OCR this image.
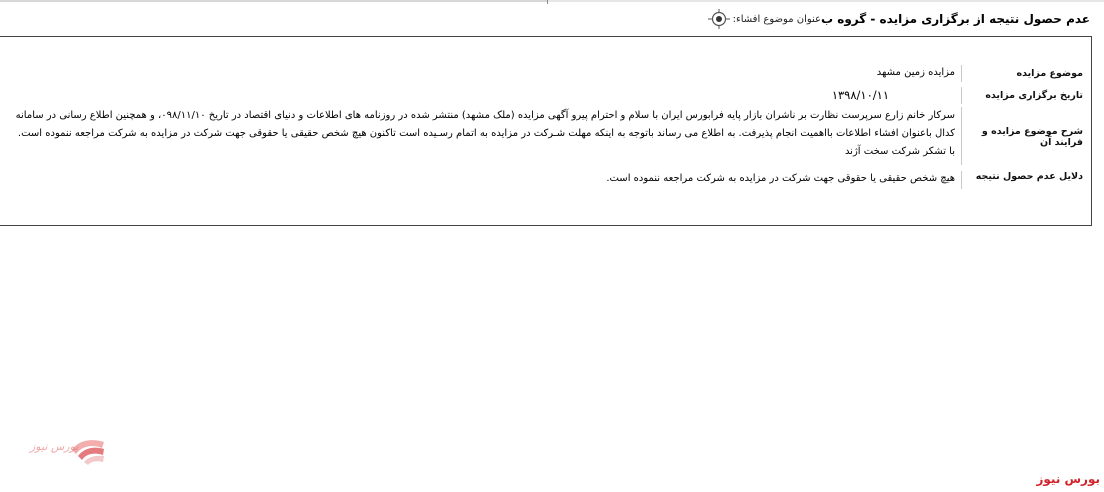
عنوان موضوع افشاء: عدم حصول نتیجه از برگزاری مزایده - گروه ب
موضوع مزایده
مزایده زمین مشهد
تاریخ برگزاری مزایده
۱۳۹۸/۱۰/۱۱
شرح موضوع مزایده و فرایند آن
سرکار خانم زارع سرپرست نظارت بر ناشران بازار پایه فرابورس ایران با سلام و احترام پیرو آگهی مزایده (ملک مشهد) منتشر شده در روزنامه های اطلاعات و دنیای اقتصاد در تاریخ ۰۹۸/۱۱/۱۰، و همچنین اطلاع رسانی در سامانه کدال باعنوان افشاء اطلاعات بااهمیت انجام پذیرفت. به اطلاع می رساند باتوجه به اینکه مهلت شـرکت در مزایده به اتمام رسـیده است تاکنون هیچ شخص حقیقی یا حقوقی جهت شرکت در مزایده به شرکت مراجعه ننموده است. با تشکر شرکت سخت آژند
دلایل عدم حصول نتیجه
هیچ شخص حقیقی یا حقوقی جهت شرکت در مزایده به شرکت مراجعه ننموده است.
بورس نیوز
بورس نیوز
